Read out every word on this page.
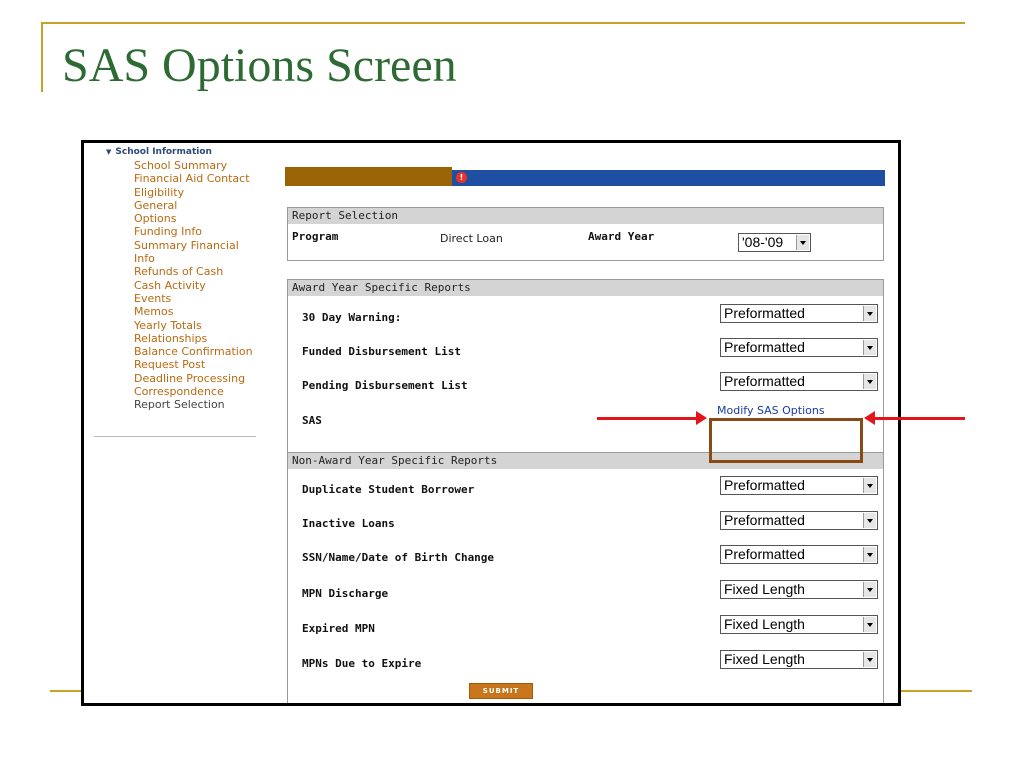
SAS Options Screen
▼ School Information
School Summary
Financial Aid Contact
Eligibility
General
Options
Funding Info
Summary Financial
Info
Refunds of Cash
Cash Activity
Events
Memos
Yearly Totals
Relationships
Balance Confirmation
Request Post
Deadline Processing
Correspondence
Report Selection
!
Report Selection
Program	Direct Loan	Award Year	'08-'09
Award Year Specific Reports
30 Day Warning:	Preformatted
Funded Disbursement List	Preformatted
Pending Disbursement List	Preformatted
SAS
Modify SAS Options
Non-Award Year Specific Reports
Duplicate Student Borrower	Preformatted
Inactive Loans	Preformatted
SSN/Name/Date of Birth Change	Preformatted
MPN Discharge	Fixed Length
Expired MPN	Fixed Length
MPNs Due to Expire	Fixed Length
SUBMIT
